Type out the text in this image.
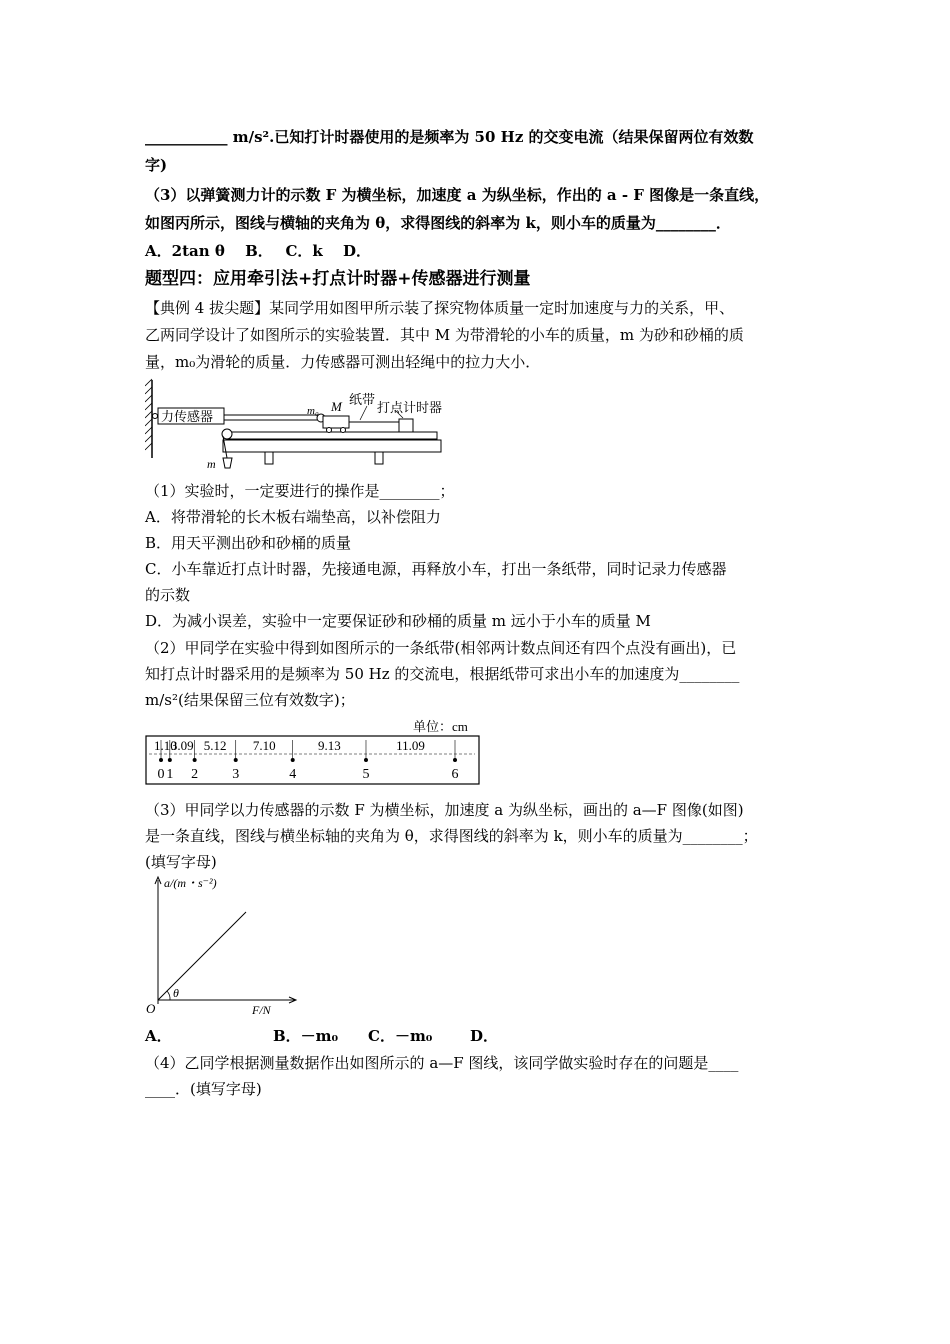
___________ m/s².已知打计时器使用的是频率为 50 Hz 的交变电流（结果保留两位有效数
字)
（3）以弹簧测力计的示数 F 为横坐标，加速度 a 为纵坐标，作出的 a - F 图像是一条直线，
如图丙所示，图线与横轴的夹角为 θ，求得图线的斜率为 k，则小车的质量为________．
A．2tan θ　 B．　 C．k　 D．
题型四：应用牵引法+打点计时器+传感器进行测量
【典例 4 拔尖题】某同学用如图甲所示装了探究物体质量一定时加速度与力的关系，甲、
乙两同学设计了如图所示的实验装置．其中 M 为带滑轮的小车的质量，m 为砂和砂桶的质
量，m₀为滑轮的质量．力传感器可测出轻绳中的拉力大小．
力传感器
m
m₀ M 纸带
打点计时器
（1）实验时，一定要进行的操作是________；
A．将带滑轮的长木板右端垫高，以补偿阻力
B．用天平测出砂和砂桶的质量
C．小车靠近打点计时器，先接通电源，再释放小车，打出一条纸带，同时记录力传感器
的示数
D．为减小误差，实验中一定要保证砂和砂桶的质量 m 远小于小车的质量 M
（2）甲同学在实验中得到如图所示的一条纸带(相邻两计数点间还有四个点没有画出)，已
知打点计时器采用的是频率为 50 Hz 的交流电，根据纸带可求出小车的加速度为________
m/s²(结果保留三位有效数字)；
单位：cm
0 1 2 3	4	5	6
1.10
3.09 5.12 7.10	9.13	11.09
（3）甲同学以力传感器的示数 F 为横坐标，加速度 a 为纵坐标，画出的 a—F 图像(如图)
是一条直线，图线与横坐标轴的夹角为 θ，求得图线的斜率为 k，则小车的质量为________；
(填写字母)
a/(m・s⁻²)
F/N
O
θ
A．	B．－m₀ C．－m₀	D．
（4）乙同学根据测量数据作出如图所示的 a—F 图线，该同学做实验时存在的问题是____
____．(填写字母)
